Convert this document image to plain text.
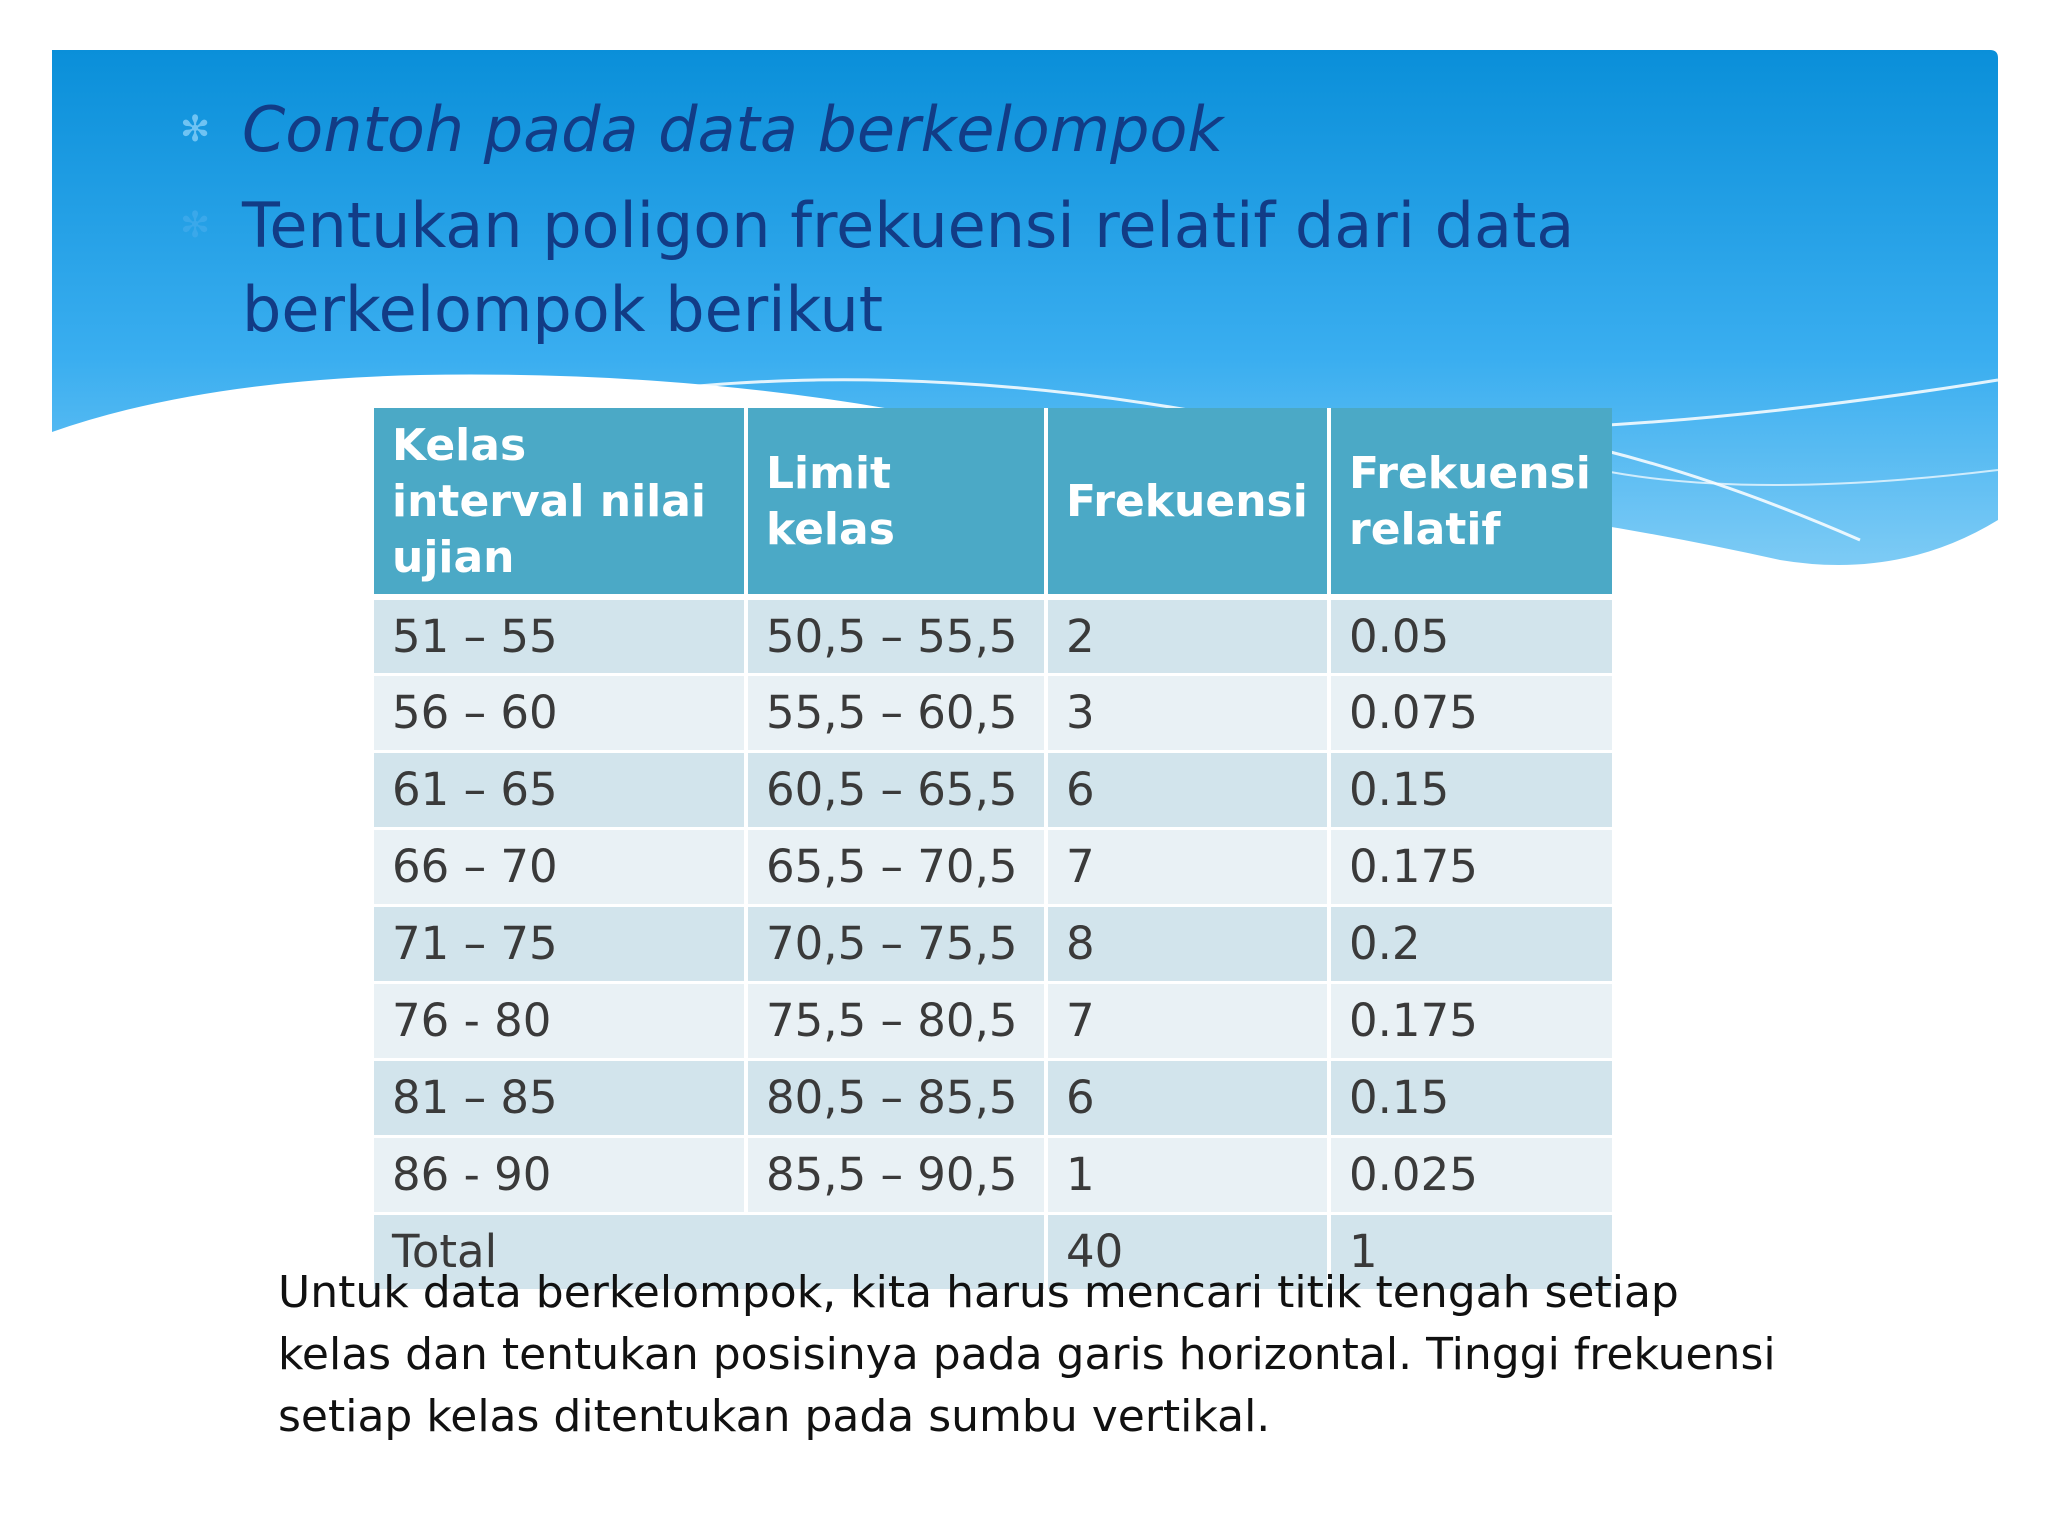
✻ Contoh pada data berkelompok
✻ Tentukan poligon frekuensi relatif dari data berkelompok berikut
Kelas interval nilai ujian	Limit kelas	Frekuensi	Frekuensi relatif
51 – 55	50,5 – 55,5	2	0.05
56 – 60	55,5 – 60,5	3	0.075
61 – 65	60,5 – 65,5	6	0.15
66 – 70	65,5 – 70,5	7	0.175
71 – 75	70,5 – 75,5	8	0.2
76 - 80	75,5 – 80,5	7	0.175
81 – 85	80,5 – 85,5	6	0.15
86 - 90	85,5 – 90,5	1	0.025
Total		40	1
Untuk data berkelompok, kita harus mencari titik tengah setiap kelas dan tentukan posisinya pada garis horizontal. Tinggi frekuensi setiap kelas ditentukan pada sumbu vertikal.
